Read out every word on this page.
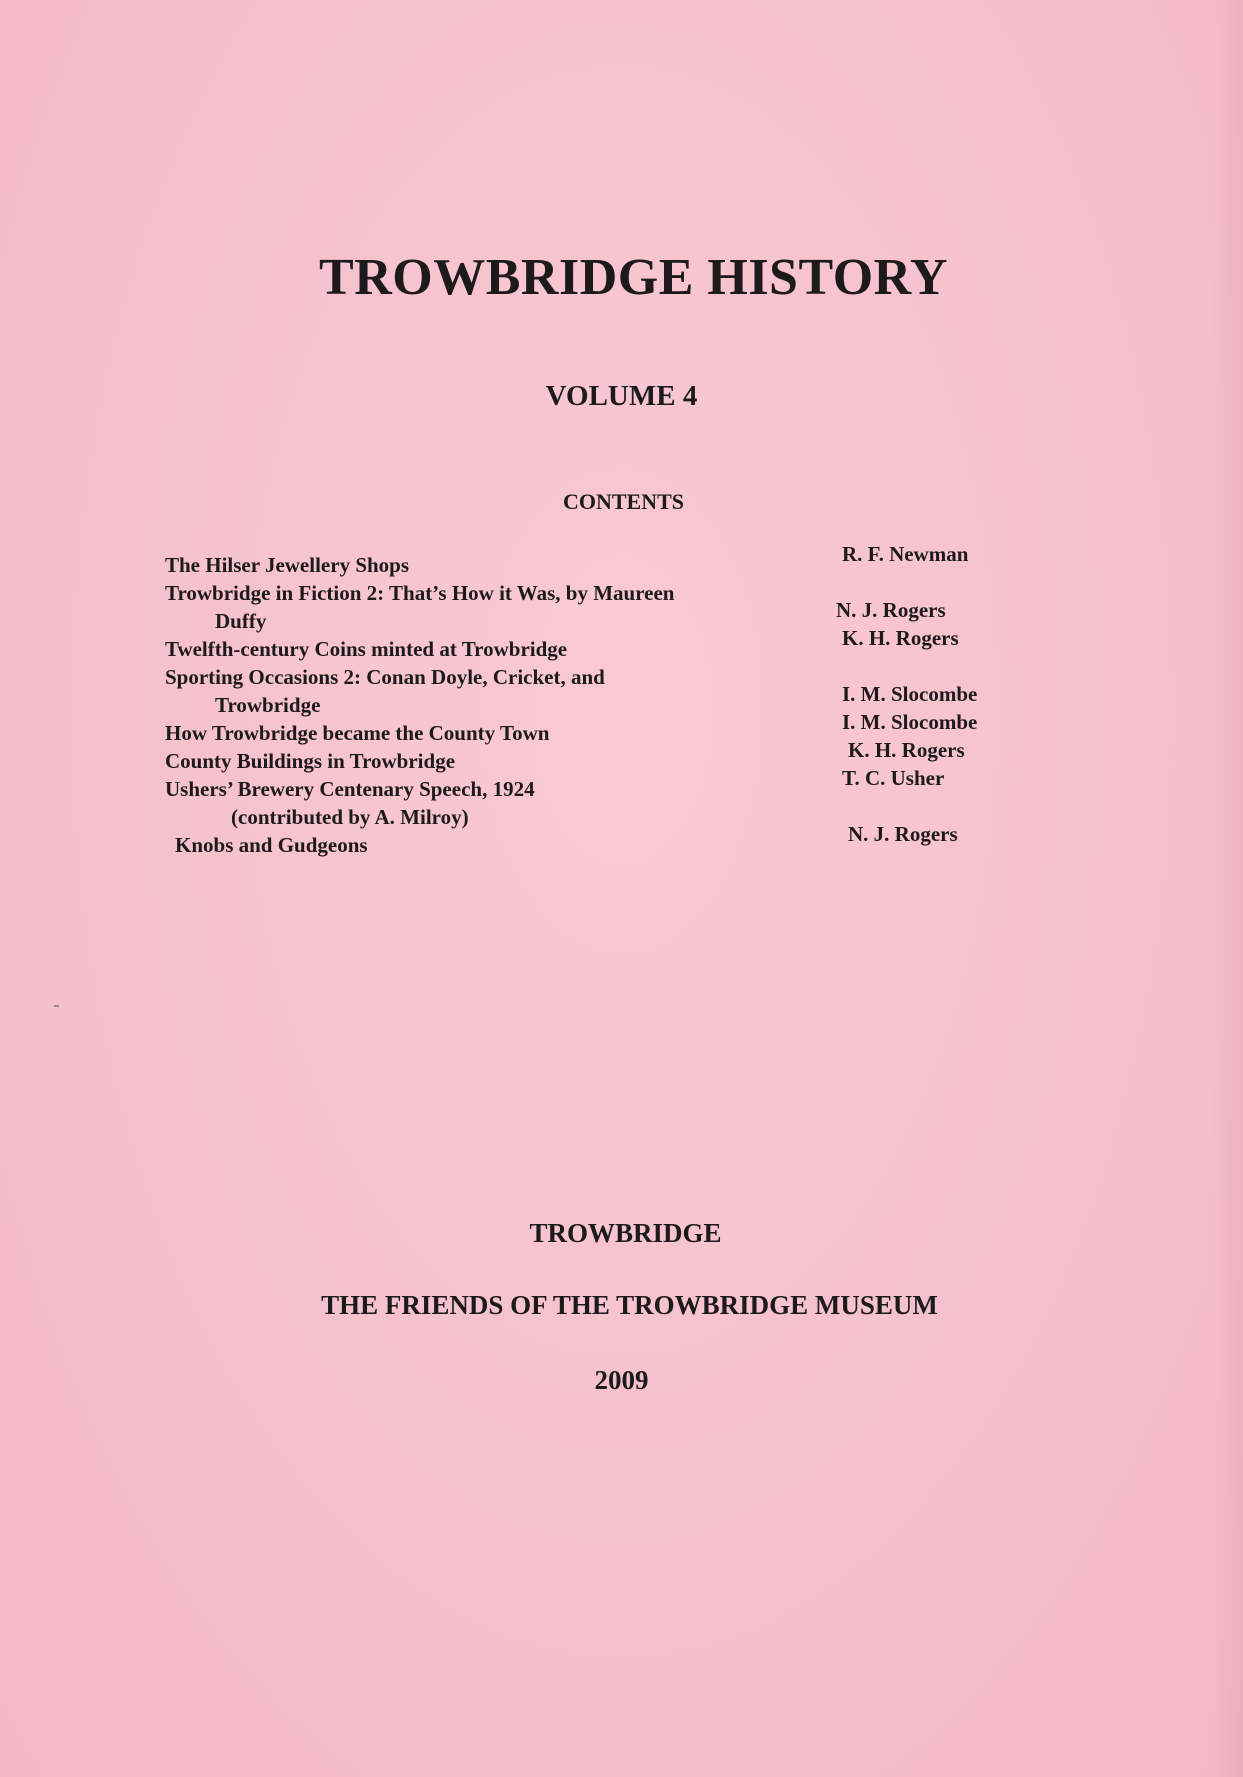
TROWBRIDGE HISTORY
VOLUME 4
CONTENTS
The Hilser Jewellery Shops
Trowbridge in Fiction 2: That’s How it Was, by Maureen
Duffy
Twelfth-century Coins minted at Trowbridge
Sporting Occasions 2: Conan Doyle, Cricket, and
Trowbridge
How Trowbridge became the County Town
County Buildings in Trowbridge
Ushers’ Brewery Centenary Speech, 1924
(contributed by A. Milroy)
Knobs and Gudgeons
R. F. Newman
N. J. Rogers
K. H. Rogers
I. M. Slocombe
I. M. Slocombe
K. H. Rogers
T. C. Usher
N. J. Rogers
TROWBRIDGE
THE FRIENDS OF THE TROWBRIDGE MUSEUM
2009
